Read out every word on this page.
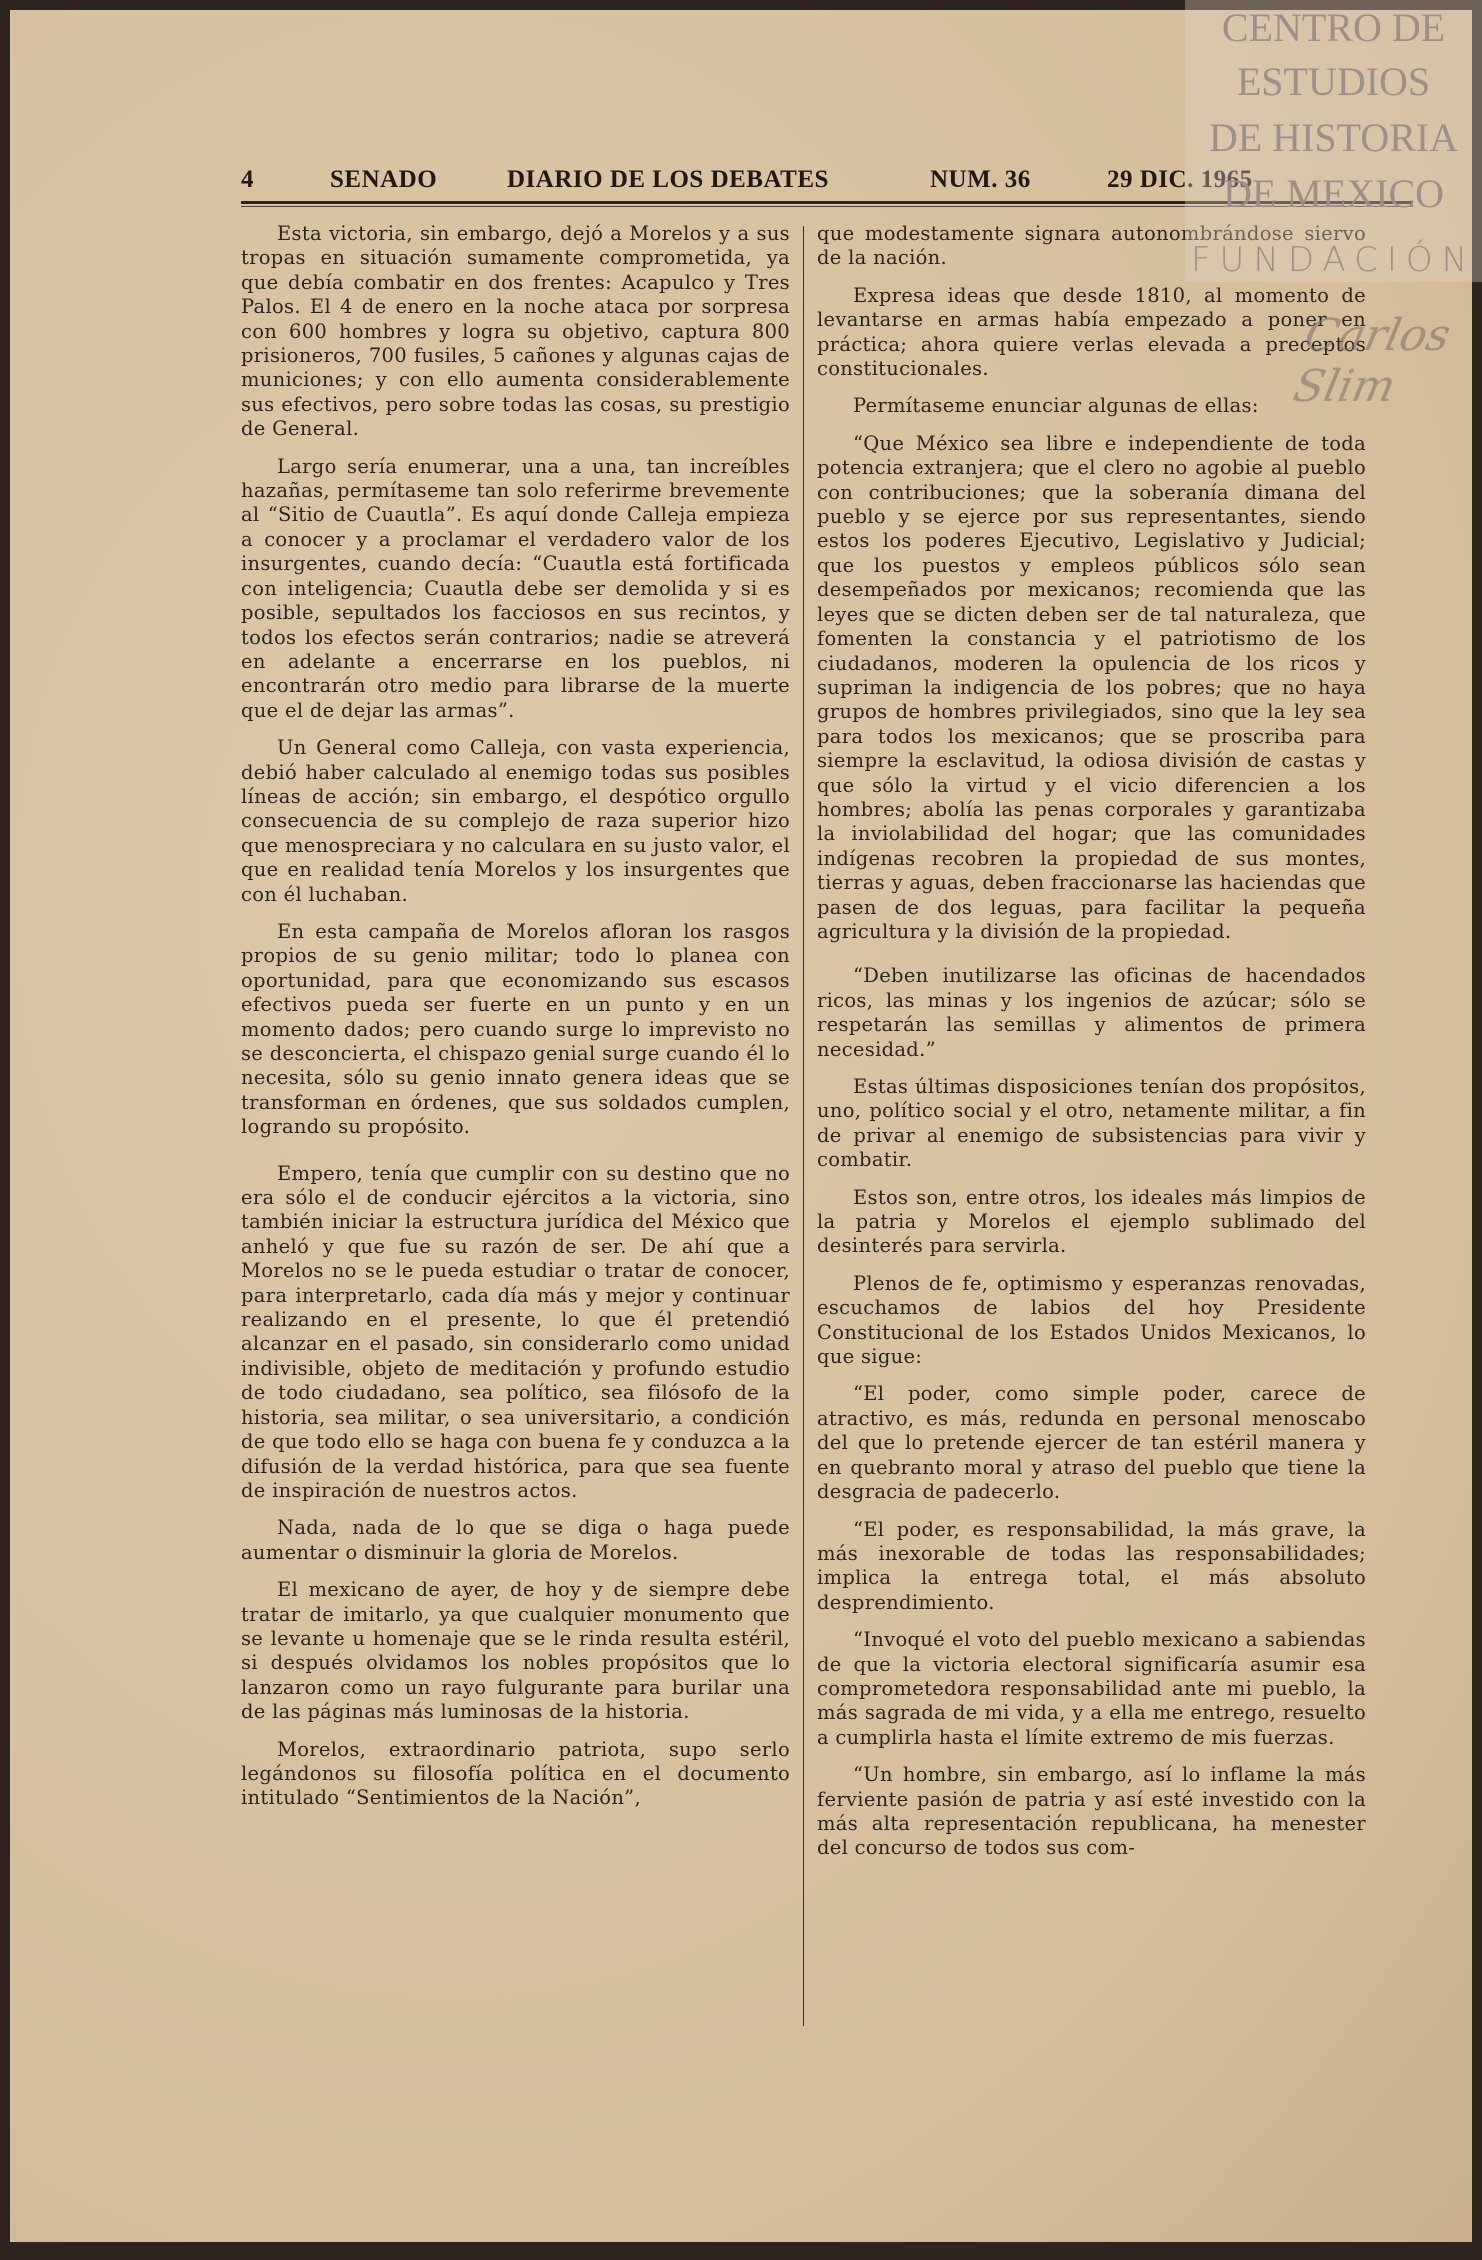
4	SENADO	DIARIO DE LOS DEBATES	NUM. 36	29 DIC. 1965

Esta victoria, sin embargo, dejó a Morelos y a sus tropas en situación sumamente comprometida, ya que debía combatir en dos frentes: Acapulco y Tres Palos. El 4 de enero en la noche ataca por sorpresa con 600 hombres y logra su objetivo, captura 800 prisioneros, 700 fusiles, 5 cañones y algunas cajas de municiones; y con ello aumenta considerablemente sus efectivos, pero sobre todas las cosas, su prestigio de General.

Largo sería enumerar, una a una, tan increíbles hazañas, permítaseme tan solo referirme brevemente al “Sitio de Cuautla”. Es aquí donde Calleja empieza a conocer y a proclamar el verdadero valor de los insurgentes, cuando decía: “Cuautla está fortificada con inteligencia; Cuautla debe ser demolida y si es posible, sepultados los facciosos en sus recintos, y todos los efectos serán contrarios; nadie se atreverá en adelante a encerrarse en los pueblos, ni encontrarán otro medio para librarse de la muerte que el de dejar las armas”.

Un General como Calleja, con vasta experiencia, debió haber calculado al enemigo todas sus posibles líneas de acción; sin embargo, el despótico orgullo consecuencia de su complejo de raza superior hizo que menospreciara y no calculara en su justo valor, el que en realidad tenía Morelos y los insurgentes que con él luchaban.

En esta campaña de Morelos afloran los rasgos propios de su genio militar; todo lo planea con oportunidad, para que economizando sus escasos efectivos pueda ser fuerte en un punto y en un momento dados; pero cuando surge lo imprevisto no se desconcierta, el chispazo genial surge cuando él lo necesita, sólo su genio innato genera ideas que se transforman en órdenes, que sus soldados cumplen, logrando su propósito.

Empero, tenía que cumplir con su destino que no era sólo el de conducir ejércitos a la victoria, sino también iniciar la estructura jurídica del México que anheló y que fue su razón de ser. De ahí que a Morelos no se le pueda estudiar o tratar de conocer, para interpretarlo, cada día más y mejor y continuar realizando en el presente, lo que él pretendió alcanzar en el pasado, sin considerarlo como unidad indivisible, objeto de meditación y profundo estudio de todo ciudadano, sea político, sea filósofo de la historia, sea militar, o sea universitario, a condición de que todo ello se haga con buena fe y conduzca a la difusión de la verdad histórica, para que sea fuente de inspiración de nuestros actos.

Nada, nada de lo que se diga o haga puede aumentar o disminuir la gloria de Morelos.

El mexicano de ayer, de hoy y de siempre debe tratar de imitarlo, ya que cualquier monumento que se levante u homenaje que se le rinda resulta estéril, si después olvidamos los nobles propósitos que lo lanzaron como un rayo fulgurante para burilar una de las páginas más luminosas de la historia.

Morelos, extraordinario patriota, supo serlo legándonos su filosofía política en el documento intitulado “Sentimientos de la Nación”,

que modestamente signara autonombrándose siervo de la nación.

Expresa ideas que desde 1810, al momento de levantarse en armas había empezado a poner en práctica; ahora quiere verlas elevada a preceptos constitucionales.

Permítaseme enunciar algunas de ellas:

“Que México sea libre e independiente de toda potencia extranjera; que el clero no agobie al pueblo con contribuciones; que la soberanía dimana del pueblo y se ejerce por sus representantes, siendo estos los poderes Ejecutivo, Legislativo y Judicial; que los puestos y empleos públicos sólo sean desempeñados por mexicanos; recomienda que las leyes que se dicten deben ser de tal naturaleza, que fomenten la constancia y el patriotismo de los ciudadanos, moderen la opulencia de los ricos y supriman la indigencia de los pobres; que no haya grupos de hombres privilegiados, sino que la ley sea para todos los mexicanos; que se proscriba para siempre la esclavitud, la odiosa división de castas y que sólo la virtud y el vicio diferencien a los hombres; abolía las penas corporales y garantizaba la inviolabilidad del hogar; que las comunidades indígenas recobren la propiedad de sus montes, tierras y aguas, deben fraccionarse las haciendas que pasen de dos leguas, para facilitar la pequeña agricultura y la división de la propiedad.

“Deben inutilizarse las oficinas de hacendados ricos, las minas y los ingenios de azúcar; sólo se respetarán las semillas y alimentos de primera necesidad.”

Estas últimas disposiciones tenían dos propósitos, uno, político social y el otro, netamente militar, a fin de privar al enemigo de subsistencias para vivir y combatir.

Estos son, entre otros, los ideales más limpios de la patria y Morelos el ejemplo sublimado del desinterés para servirla.

Plenos de fe, optimismo y esperanzas renovadas, escuchamos de labios del hoy Presidente Constitucional de los Estados Unidos Mexicanos, lo que sigue:

“El poder, como simple poder, carece de atractivo, es más, redunda en personal menoscabo del que lo pretende ejercer de tan estéril manera y en quebranto moral y atraso del pueblo que tiene la desgracia de padecerlo.

“El poder, es responsabilidad, la más grave, la más inexorable de todas las responsabilidades; implica la entrega total, el más absoluto desprendimiento.

“Invoqué el voto del pueblo mexicano a sabiendas de que la victoria electoral significaría asumir esa comprometedora responsabilidad ante mi pueblo, la más sagrada de mi vida, y a ella me entrego, resuelto a cumplirla hasta el límite extremo de mis fuerzas.

“Un hombre, sin embargo, así lo inflame la más ferviente pasión de patria y así esté investido con la más alta representación republicana, ha menester del concurso de todos sus com-

CENTRO DE
ESTUDIOS
DE HISTORIA
DE MEXICO
FUNDACIÓN
Carlos Slim
